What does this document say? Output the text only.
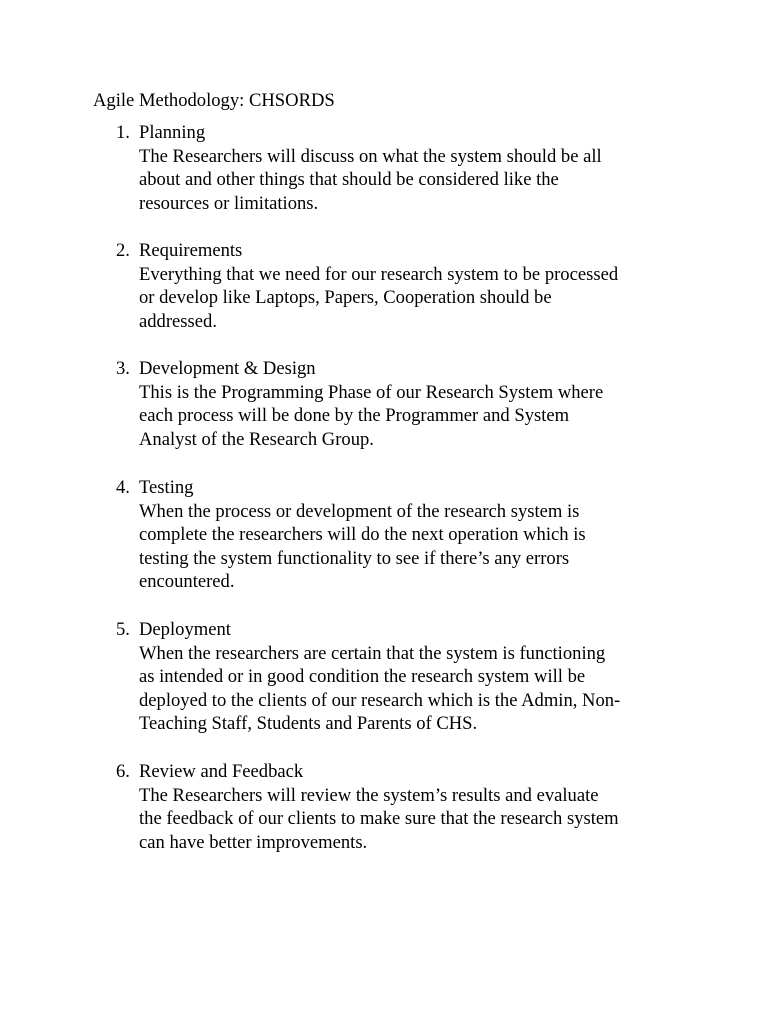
Agile Methodology: CHSORDS
1. Planning
The Researchers will discuss on what the system should be all
about and other things that should be considered like the
resources or limitations.
2. Requirements
Everything that we need for our research system to be processed
or develop like Laptops, Papers, Cooperation should be
addressed.
3. Development & Design
This is the Programming Phase of our Research System where
each process will be done by the Programmer and System
Analyst of the Research Group.
4. Testing
When the process or development of the research system is
complete the researchers will do the next operation which is
testing the system functionality to see if there’s any errors
encountered.
5. Deployment
When the researchers are certain that the system is functioning
as intended or in good condition the research system will be
deployed to the clients of our research which is the Admin, Non-
Teaching Staff, Students and Parents of CHS.
6. Review and Feedback
The Researchers will review the system’s results and evaluate
the feedback of our clients to make sure that the research system
can have better improvements.
